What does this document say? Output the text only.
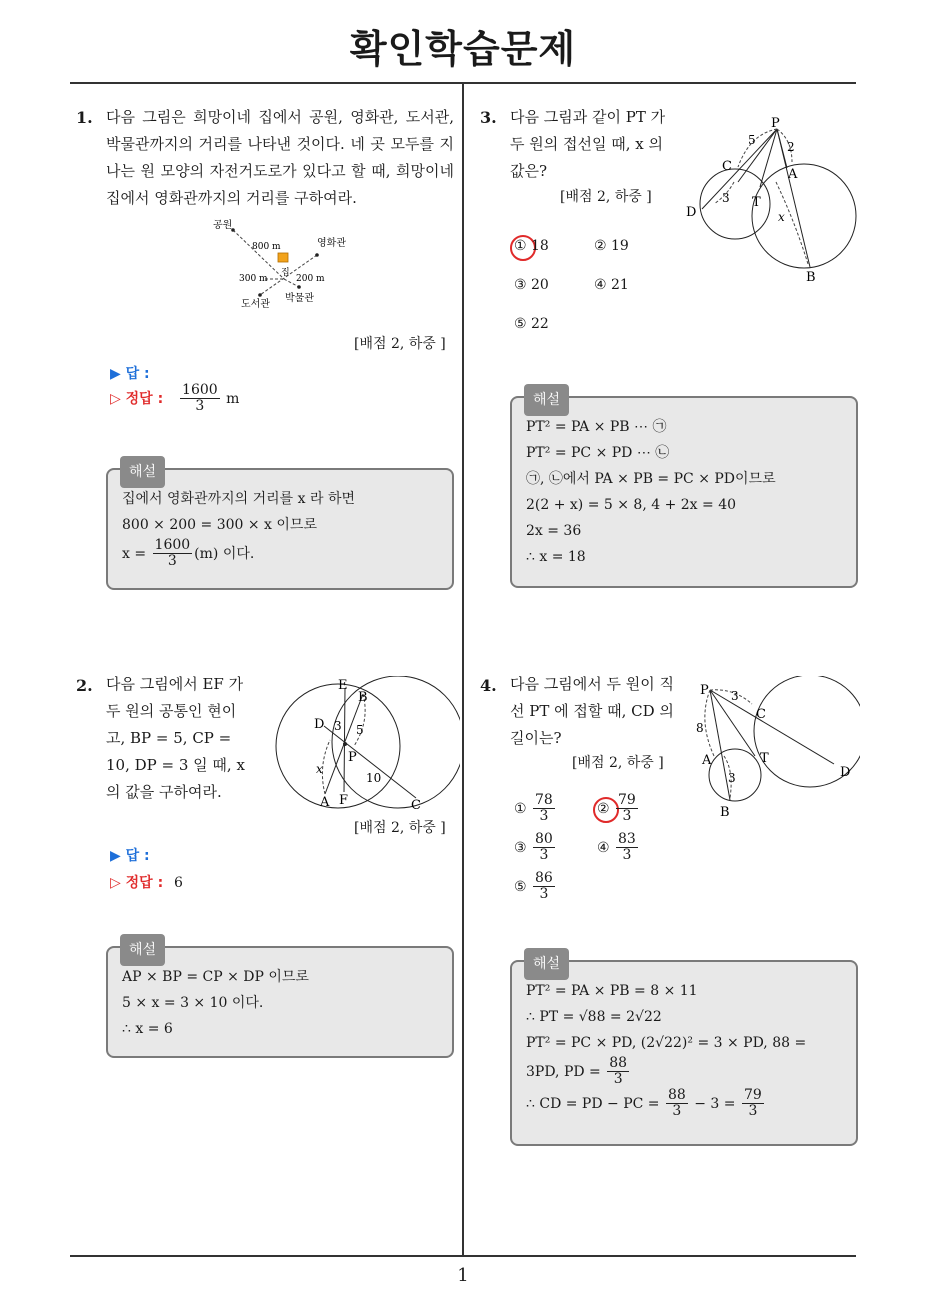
확인학습문제
1. 다음 그림은 희망이네 집에서 공원, 영화관, 도서관, 박물관까지의 거리를 나타낸 것이다. 네 곳 모두를 지나는 원 모양의 자전거도로가 있다고 할 때, 희망이네 집에서 영화관까지의 거리를 구하여라.
공원
영화관
도서관
박물관
집
800 m
300 m	200 m
[배점 2, 하중 ]
▶ 답 :
▷ 정답 : $\frac{1600}{3}$ m
해설
집에서 영화관까지의 거리를 x 라 하면
800 × 200 = 300 × x 이므로
$x = \frac{1600}{3} (m)$ 이다.
2. 다음 그림에서 EF 가
두 원의 공통인 현이
고, BP = 5, CP =
10, DP = 3 일 때, x
의 값을 구하여라.
E
B
D
P
A F	C
3 5
10
x
[배점 2, 하중 ]
▶ 답 :
▷ 정답 : 6
해설
AP × BP = CP × DP 이므로
5 × x = 3 × 10 이다.
∴ x = 6
3. 다음 그림과 같이 PT 가
두 원의 접선일 때, x 의
값은?
[배점 2, 하중 ]
P
C
A
D
T
B
5	2
3
x
① 18	② 19
③ 20	④ 21
⑤ 22
해설
PT² = PA × PB ⋯ ㉠
PT² = PC × PD ⋯ ㉡
㉠, ㉡에서 PA × PB = PC × PD이므로
2(2 + x) = 5 × 8, 4 + 2x = 40
2x = 36
∴ x = 18
4. 다음 그림에서 두 원이 직
선 PT 에 접할 때, CD 의
길이는?
[배점 2, 하중 ]
P
C
A	T
B
D
3
8
3
① $\frac{78}{3}$	② $\frac{79}{3}$
③ $\frac{80}{3}$	④ $\frac{83}{3}$
⑤ $\frac{86}{3}$
해설
PT² = PA × PB = 8 × 11
∴ PT = √88 = 2√22
PT² = PC × PD, (2√22)² = 3 × PD, 88 =
3PD, PD = $\frac{88}{3}$
∴ CD = PD − PC = $\frac{88}{3} - 3 = \frac{79}{3}$
1
